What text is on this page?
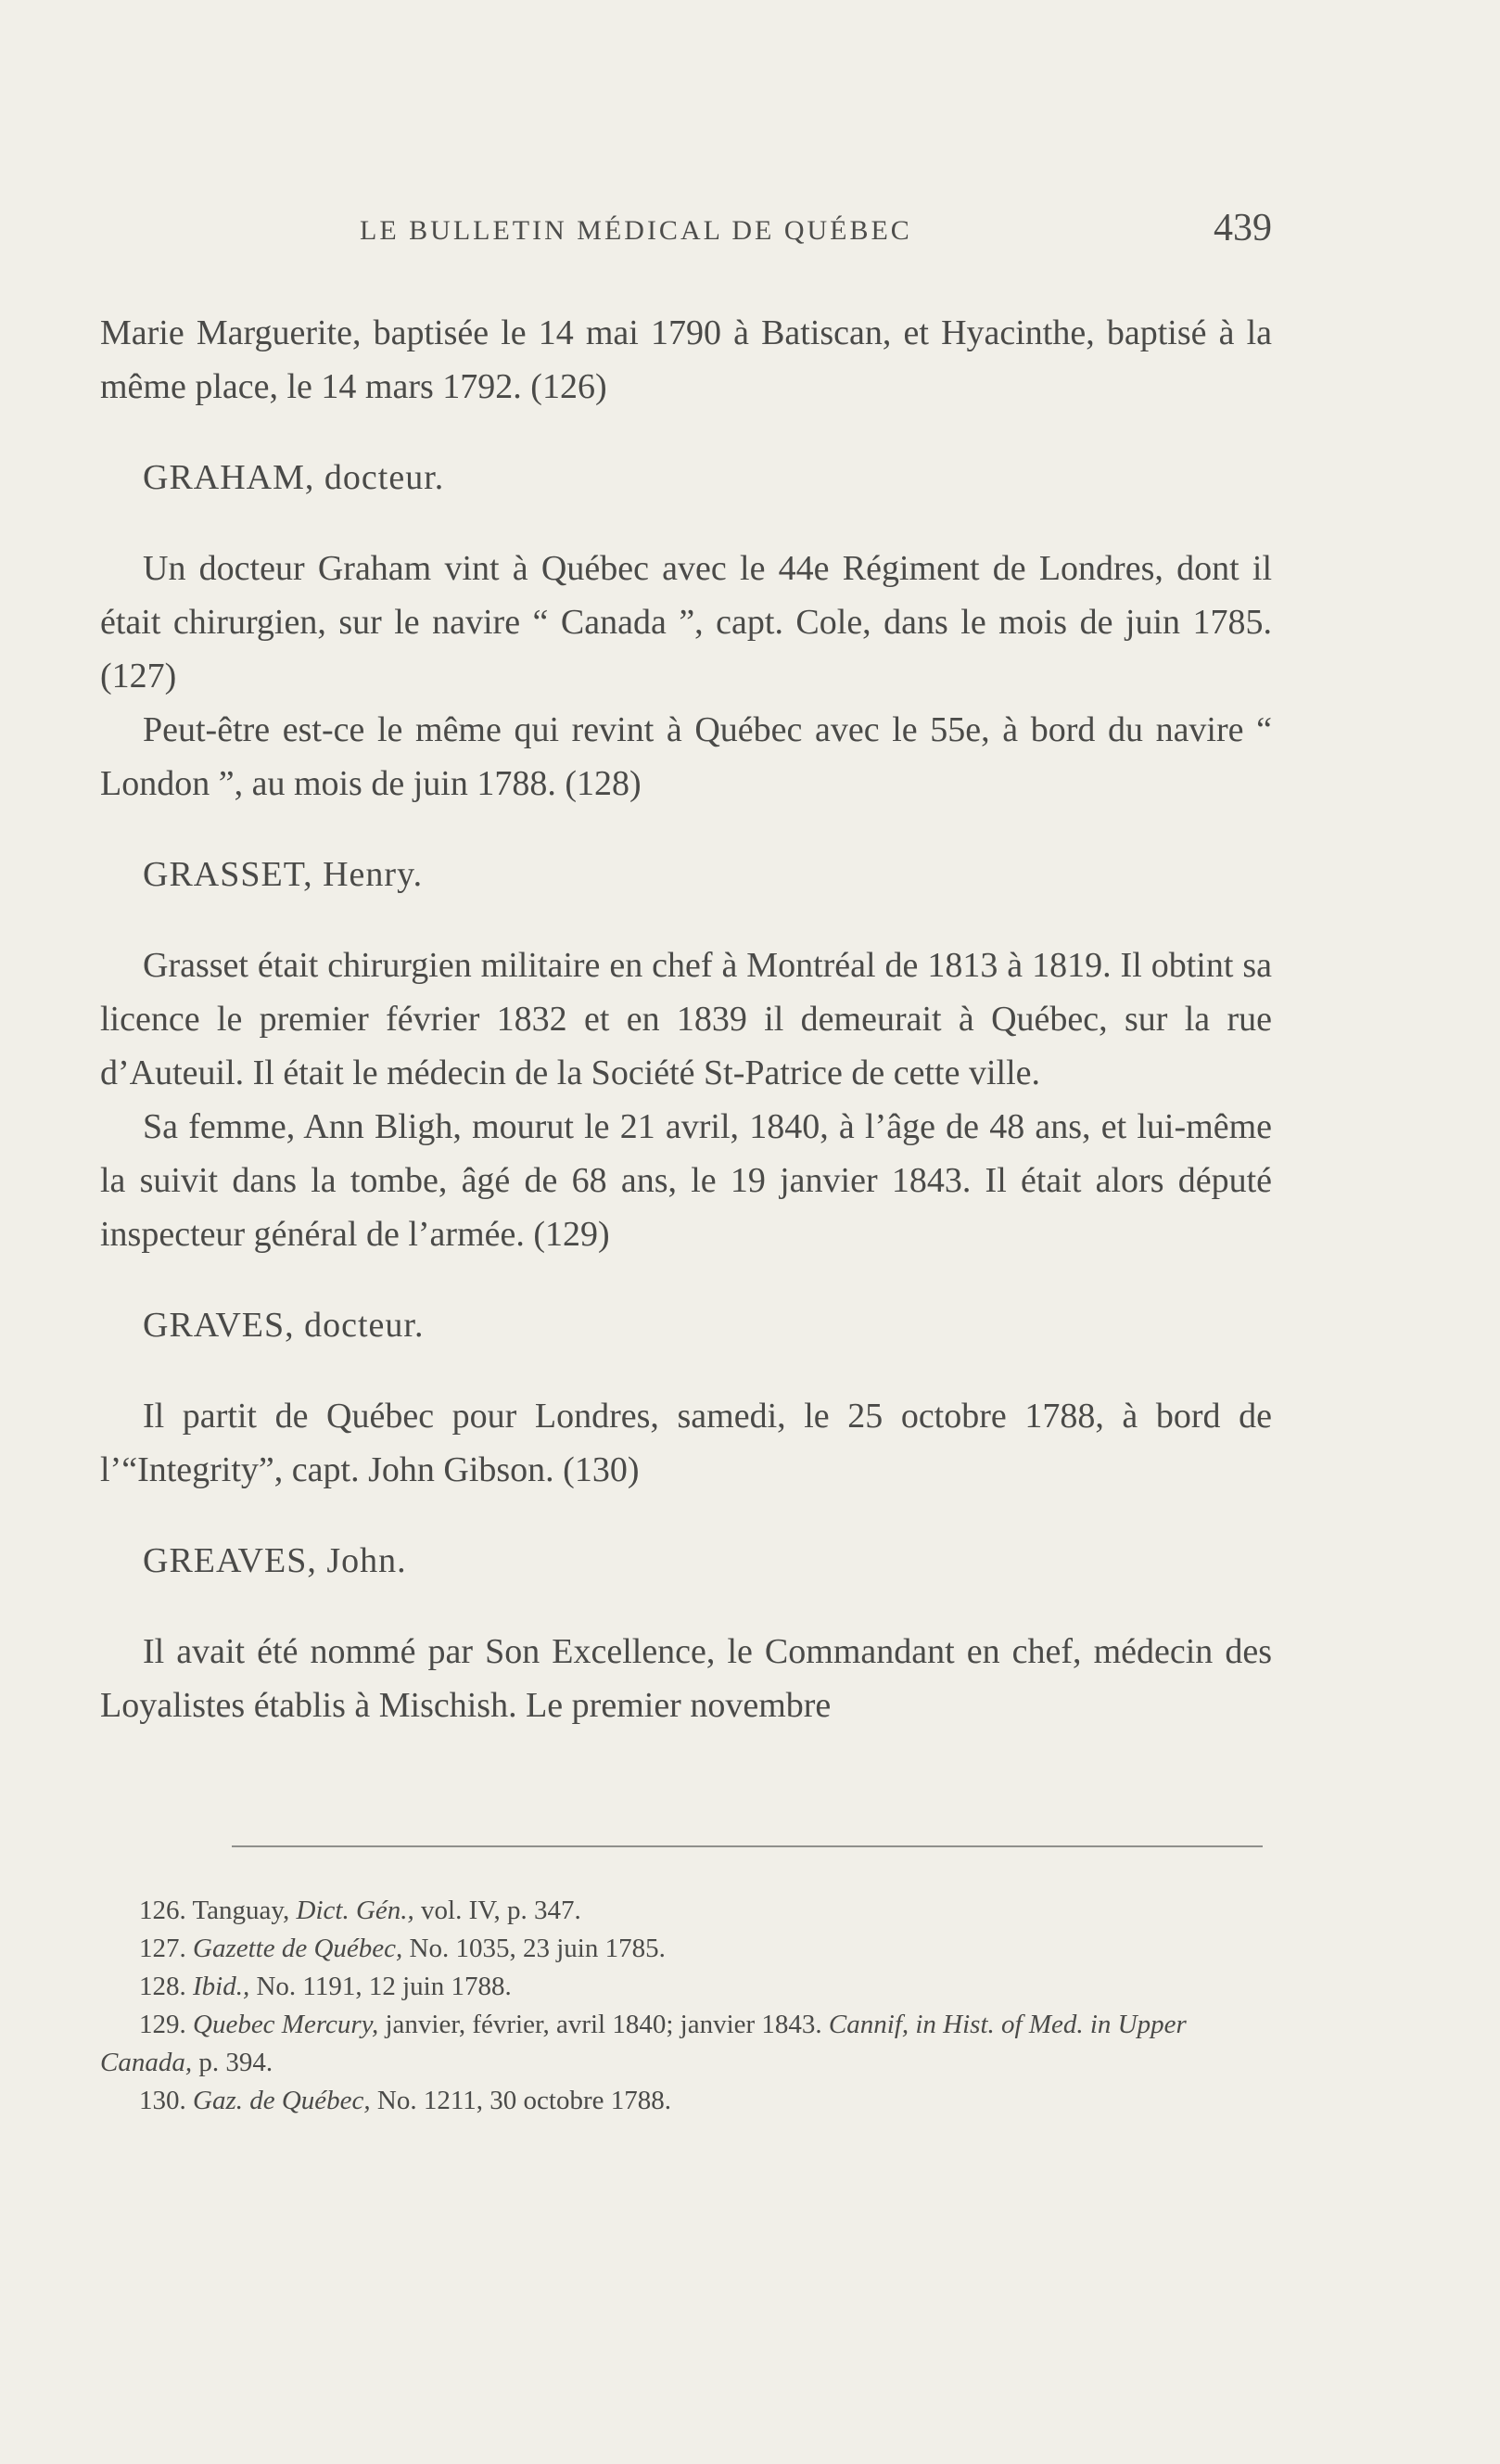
LE BULLETIN MÉDICAL DE QUÉBEC	439

Marie Marguerite, baptisée le 14 mai 1790 à Batiscan, et Hyacinthe, baptisé à la même place, le 14 mars 1792. (126)

GRAHAM, docteur.

Un docteur Graham vint à Québec avec le 44e Régiment de Londres, dont il était chirurgien, sur le navire “ Canada ”, capt. Cole, dans le mois de juin 1785. (127)

Peut-être est-ce le même qui revint à Québec avec le 55e, à bord du navire “ London ”, au mois de juin 1788. (128)

GRASSET, Henry.

Grasset était chirurgien militaire en chef à Montréal de 1813 à 1819. Il obtint sa licence le premier février 1832 et en 1839 il demeurait à Québec, sur la rue d’Auteuil. Il était le médecin de la Société St-Patrice de cette ville.

Sa femme, Ann Bligh, mourut le 21 avril, 1840, à l’âge de 48 ans, et lui-même la suivit dans la tombe, âgé de 68 ans, le 19 janvier 1843. Il était alors député inspecteur général de l’armée. (129)

GRAVES, docteur.

Il partit de Québec pour Londres, samedi, le 25 octobre 1788, à bord de l’“Integrity”, capt. John Gibson. (130)

GREAVES, John.

Il avait été nommé par Son Excellence, le Commandant en chef, médecin des Loyalistes établis à Mischish. Le premier novembre

126. Tanguay, Dict. Gén., vol. IV, p. 347.

127. Gazette de Québec, No. 1035, 23 juin 1785.

128. Ibid., No. 1191, 12 juin 1788.

129. Quebec Mercury, janvier, février, avril 1840; janvier 1843. Cannif, in Hist. of Med. in Upper Canada, p. 394.

130. Gaz. de Québec, No. 1211, 30 octobre 1788.
